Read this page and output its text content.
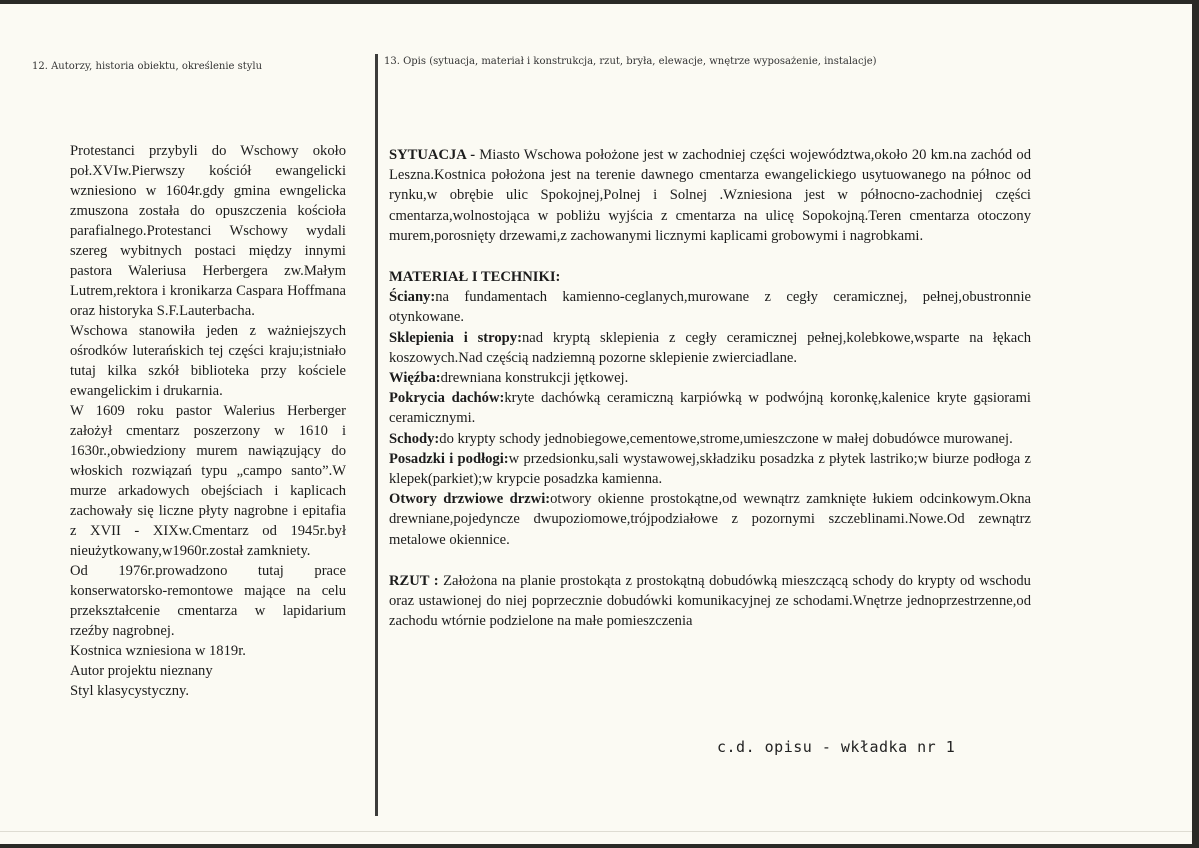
12. Autorzy, historia obiektu, określenie stylu	13. Opis (sytuacja, materiał i konstrukcja, rzut, bryła, elewacje, wnętrze wyposażenie, instalacje)

Protestanci przybyli do Wschowy około poł.XVIw.Pierwszy kościół ewangelicki wzniesiono w 1604r.gdy gmina ewngelicka zmuszona została do opuszczenia kościoła parafialnego.Protestanci Wschowy wydali szereg wybitnych postaci między innymi pastora Waleriusa Herbergera zw.Małym Lutrem,rektora i kronikarza Caspara Hoffmana oraz historyka S.F.Lauterbacha.

Wschowa stanowiła jeden z ważniejszych ośrodków luterańskich tej części kraju;istniało tutaj kilka szkół biblioteka przy kościele ewangelickim i drukarnia.

W 1609 roku pastor Walerius Herberger założył cmentarz poszerzony w 1610 i 1630r.,obwiedziony murem nawiązujący do włoskich rozwiązań typu „campo santo”.W murze arkadowych obejściach i kaplicach zachowały się liczne płyty nagrobne i epitafia z XVII - XIXw.Cmentarz od 1945r.był nieużytkowany,w1960r.został zamkniety.

Od 1976r.prowadzono tutaj prace konserwatorsko-remontowe mające na celu przekształcenie cmentarza w lapidarium rzeźby nagrobnej.

Kostnica wzniesiona w 1819r.

Autor projektu nieznany

Styl klasycystyczny.

SYTUACJA - Miasto Wschowa położone jest w zachodniej części województwa,około 20 km.na zachód od Leszna.Kostnica położona jest na terenie dawnego cmentarza ewangelickiego usytuowanego na północ od rynku,w obrębie ulic Spokojnej,Polnej i Solnej .Wzniesiona jest w północno-zachodniej części cmentarza,wolnostojąca w pobliżu wyjścia z cmentarza na ulicę Sopokojną.Teren cmentarza otoczony murem,porosnięty drzewami,z zachowanymi licznymi kaplicami grobowymi i nagrobkami.

MATERIAŁ I TECHNIKI:

Ściany:na fundamentach kamienno-ceglanych,murowane z cegły ceramicznej, pełnej,obustronnie otynkowane.

Sklepienia i stropy:nad kryptą sklepienia z cegły ceramicznej pełnej,kolebkowe,wsparte na łękach koszowych.Nad częścią nadziemną pozorne sklepienie zwierciadlane.

Więźba:drewniana konstrukcji jętkowej.

Pokrycia dachów:kryte dachówką ceramiczną karpiówką w podwójną koronkę,kalenice kryte gąsiorami ceramicznymi.

Schody:do krypty schody jednobiegowe,cementowe,strome,umieszczone w małej dobudówce murowanej.

Posadzki i podłogi:w przedsionku,sali wystawowej,składziku posadzka z płytek lastriko;w biurze podłoga z klepek(parkiet);w krypcie posadzka kamienna.

Otwory drzwiowe drzwi:otwory okienne prostokątne,od wewnątrz zamknięte łukiem odcinkowym.Okna drewniane,pojedyncze dwupoziomowe,trójpodziałowe z pozornymi szczeblinami.Nowe.Od zewnątrz metalowe okiennice.

RZUT : Założona na planie prostokąta z prostokątną dobudówką mieszczącą schody do krypty od wschodu oraz ustawionej do niej poprzecznie dobudówki komunikacyjnej ze schodami.Wnętrze jednoprzestrzenne,od zachodu wtórnie podzielone na małe pomieszczenia

c.d. opisu - wkładka nr 1
